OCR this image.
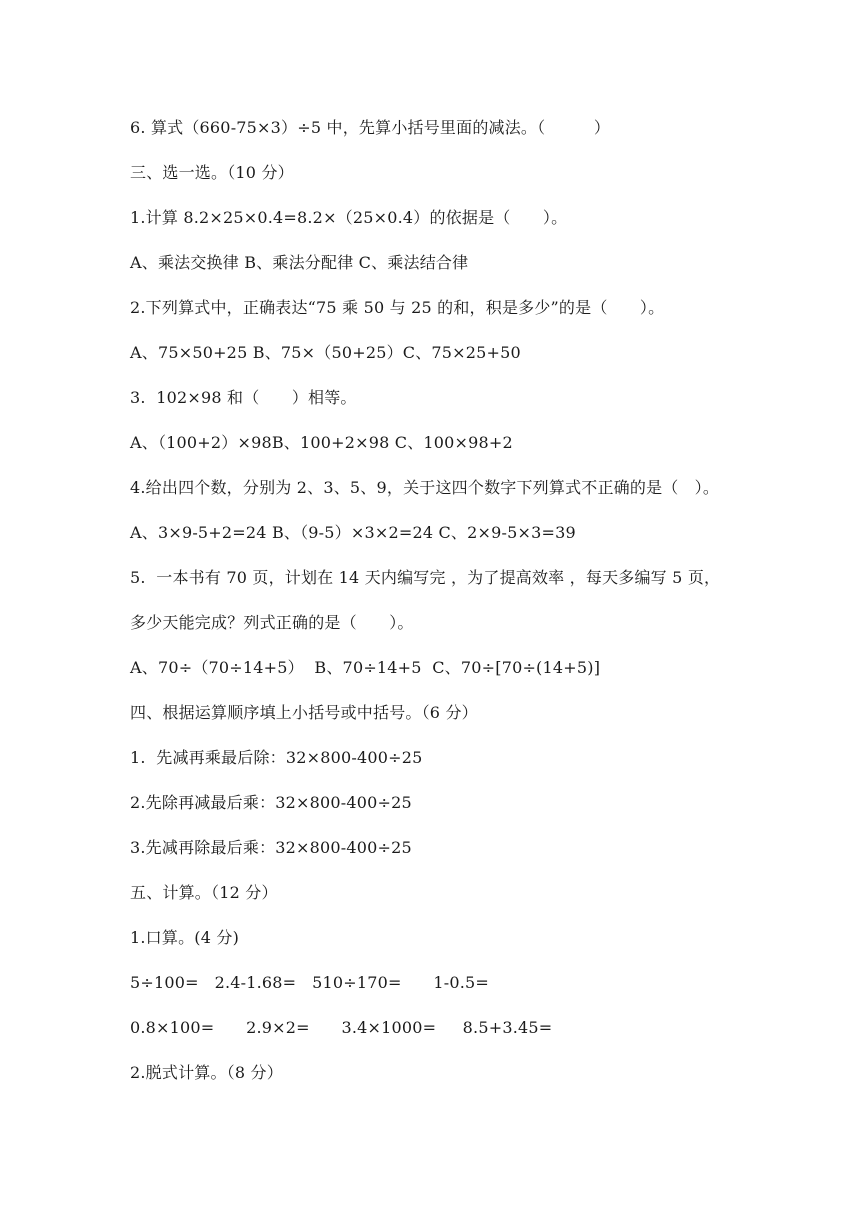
6. 算式（660-75×3）÷5 中，先算小括号里面的减法。（　　　）
三、选一选。（10 分）
1.计算 8.2×25×0.4=8.2×（25×0.4）的依据是（　　）。
A、乘法交换律 B、乘法分配律 C、乘法结合律
2.下列算式中，正确表达“75 乘 50 与 25 的和，积是多少”的是（　　）。
A、75×50+25 B、75×（50+25）C、75×25+50
3.  102×98 和（　　）相等。
A、（100+2）×98B、100+2×98 C、100×98+2
4.给出四个数，分别为 2、3、5、9，关于这四个数字下列算式不正确的是（　）。
A、3×9-5+2=24 B、（9-5）×3×2=24 C、2×9-5×3=39
5.  一本书有 70 页，计划在 14 天内编写完 ，为了提高效率 ，每天多编写 5 页，
多少天能完成？列式正确的是（　　）。
A、70÷（70÷14+5）  B、70÷14+5  C、70÷[70÷(14+5)]
四、根据运算顺序填上小括号或中括号。（6 分）
1.  先减再乘最后除：32×800-400÷25
2.先除再减最后乘：32×800-400÷25
3.先减再除最后乘：32×800-400÷25
五、计算。（12 分）
1.口算。(4 分)
5÷100=   2.4-1.68=   510÷170=      1-0.5=
0.8×100=      2.9×2=      3.4×1000=     8.5+3.45=
2.脱式计算。（8 分）
